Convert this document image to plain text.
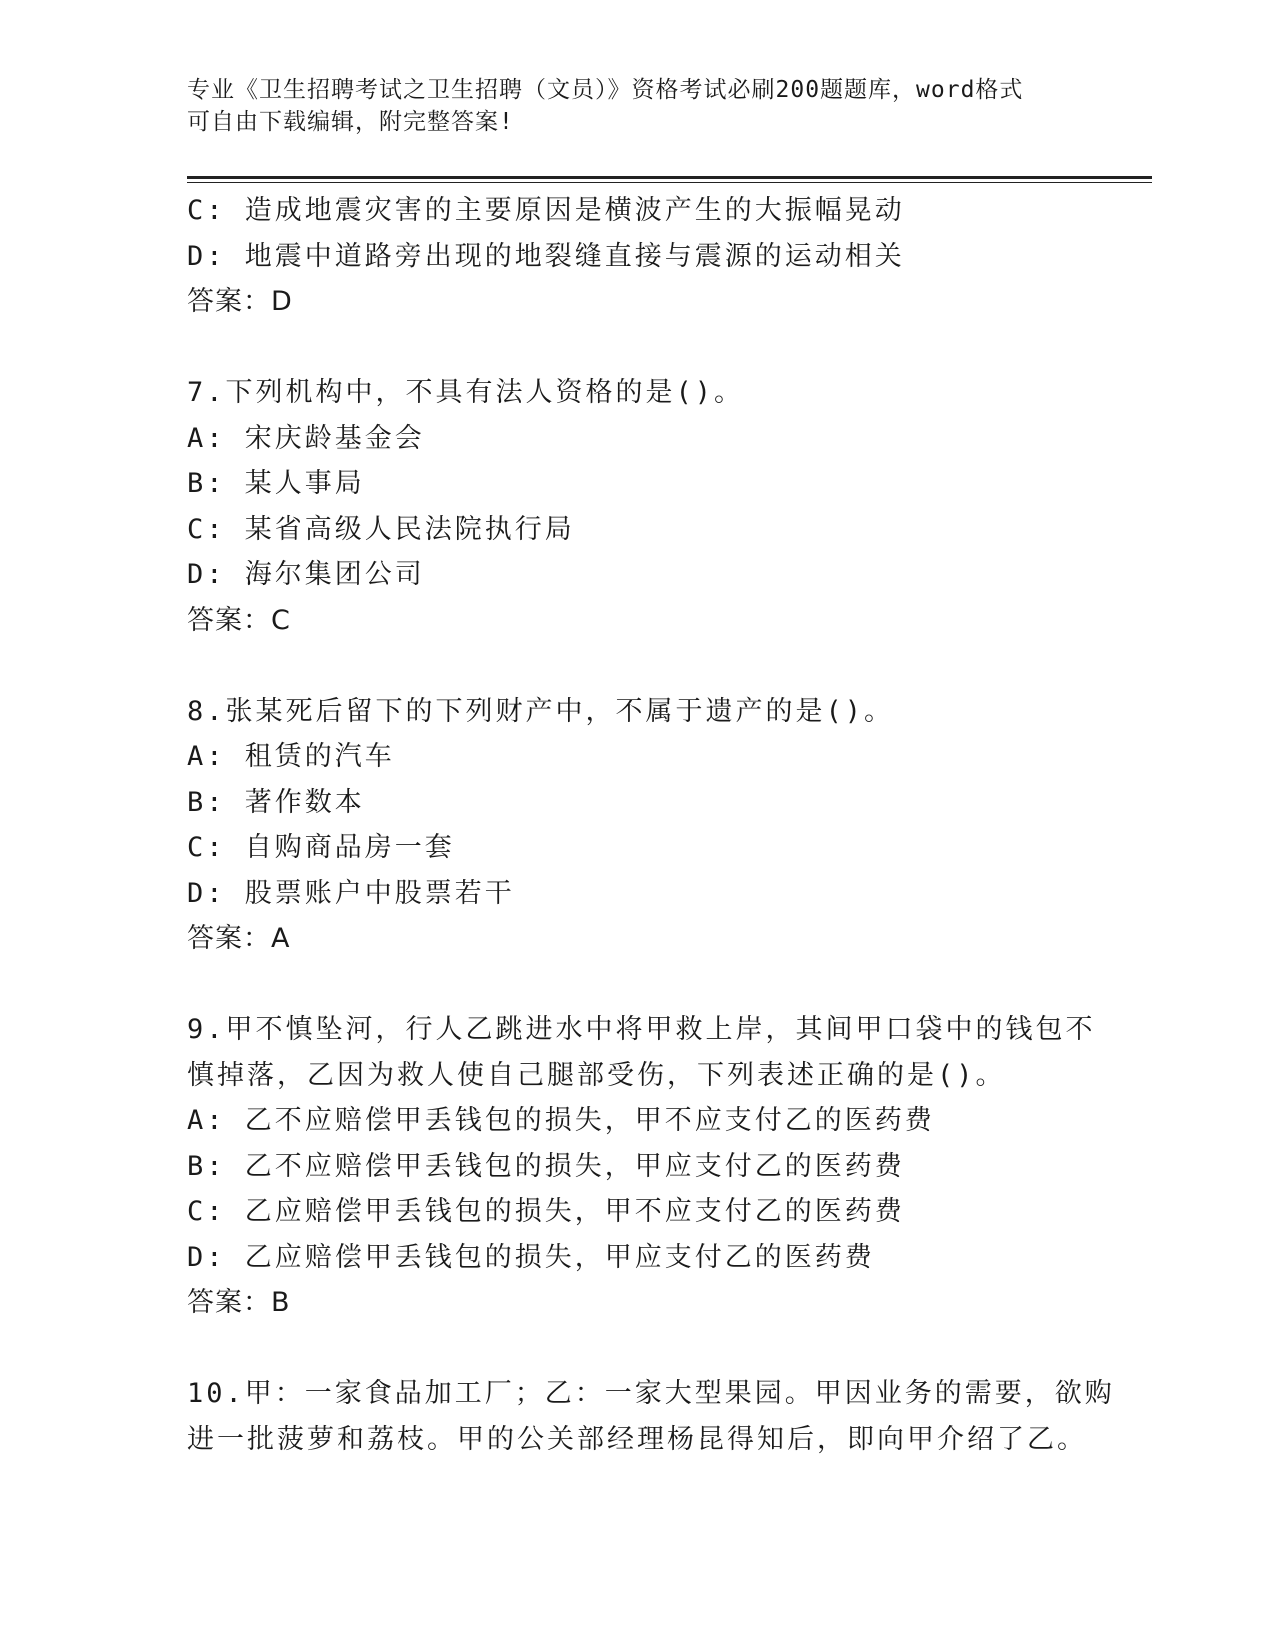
专业《卫生招聘考试之卫生招聘（文员）》资格考试必刷200题题库，word格式
可自由下载编辑，附完整答案!
C: 造成地震灾害的主要原因是横波产生的大振幅晃动
D: 地震中道路旁出现的地裂缝直接与震源的运动相关
答案：D
7.下列机构中，不具有法人资格的是()。
A: 宋庆龄基金会
B: 某人事局
C: 某省高级人民法院执行局
D: 海尔集团公司
答案：C
8.张某死后留下的下列财产中，不属于遗产的是()。
A: 租赁的汽车
B: 著作数本
C: 自购商品房一套
D: 股票账户中股票若干
答案：A
9.甲不慎坠河，行人乙跳进水中将甲救上岸，其间甲口袋中的钱包不
慎掉落，乙因为救人使自己腿部受伤，下列表述正确的是()。
A: 乙不应赔偿甲丢钱包的损失，甲不应支付乙的医药费
B: 乙不应赔偿甲丢钱包的损失，甲应支付乙的医药费
C: 乙应赔偿甲丢钱包的损失，甲不应支付乙的医药费
D: 乙应赔偿甲丢钱包的损失，甲应支付乙的医药费
答案：B
10.甲：一家食品加工厂；乙：一家大型果园。甲因业务的需要，欲购
进一批菠萝和荔枝。甲的公关部经理杨昆得知后，即向甲介绍了乙。
